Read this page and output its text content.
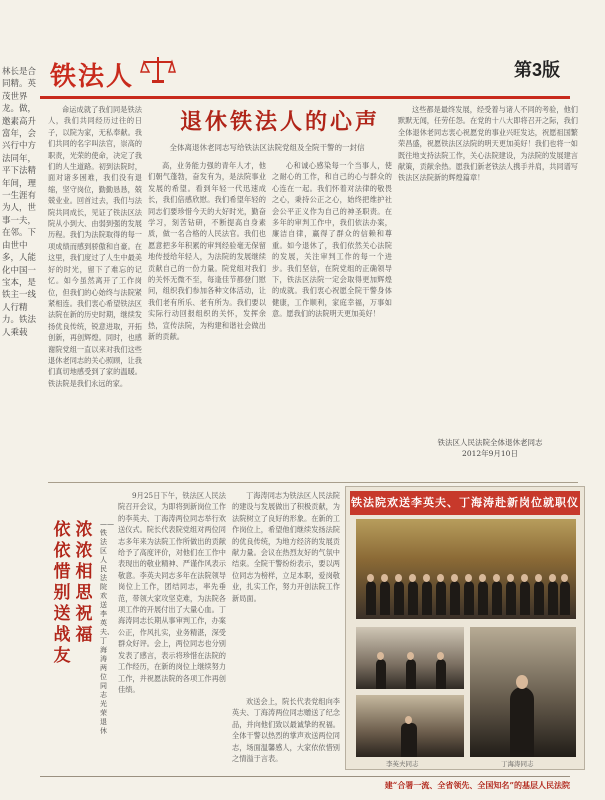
林长是合同精。英茂世界龙。做，邀素高升富年，会兴行中方法同年，平下法精年间，理一生涯有为人，世事一夫，在邻。下由世中多，人能化中国一宝本，是铁主一线人行精力。铁法人乘载
铁法人	第3版
命运成就了我们同是铁法人，我们共同经历过往的日子，以院为家，无私奉献。我们共同的名字叫法官，崇高的职责，光荣的使命，决定了我们的人生道路。初到法院时，面对诸多困难，我们没有退缩，坚守岗位，勤勤恳恳，兢兢业业。回首过去，我们与法院共同成长，见证了铁法区法院从小到大、由弱到强的发展历程。我们为法院取得的每一项成绩而感到骄傲和自豪。在这里，我们度过了人生中最美好的时光，留下了难忘的记忆。如今虽然离开了工作岗位，但我们的心始终与法院紧紧相连。我们衷心希望铁法区法院在新的历史时期，继续发扬优良传统，锐意进取，开拓创新，再创辉煌。同时，也感谢院党组一直以来对我们这些退休老同志的关心照顾，让我们真切地感受到了家的温暖。铁法院是我们永远的家。
退休铁法人的心声
全体离退休老同志写给铁法区法院党组及全院干警的一封信
高，业务能力强的青年人才，他们朝气蓬勃，奋发有为，是法院事业发展的希望。看到年轻一代迅速成长，我们倍感欣慰。我们希望年轻的同志们要珍惜今天的大好时光，勤奋学习，刻苦钻研，不断提高自身素质，做一名合格的人民法官。我们也愿意把多年积累的审判经验毫无保留地传授给年轻人，为法院的发展继续贡献自己的一份力量。院党组对我们的关怀无微不至，每逢佳节都登门慰问，组织我们参加各种文体活动，让我们老有所乐、老有所为。我们要以实际行动回报组织的关怀，发挥余热，宣传法院，为构建和谐社会做出新的贡献。
心和诚心感染每一个当事人，使之耐心的工作，和自己的心与群众的心连在一起。我们怀着对法律的敬畏之心，秉持公正之心，始终把维护社会公平正义作为自己的神圣职责。在多年的审判工作中，我们依法办案，廉洁自律，赢得了群众的信赖和尊重。如今退休了，我们依然关心法院的发展，关注审判工作的每一个进步。我们坚信，在院党组的正确领导下，铁法区法院一定会取得更加辉煌的成就。我们衷心祝愿全院干警身体健康，工作顺利，家庭幸福，万事如意。愿我们的法院明天更加美好！
这些都是最终发展，经受着与诸人不同的考验，他们默默无闻，任劳任怨。在党的十八大即将召开之际，我们全体退休老同志衷心祝愿党的事业兴旺发达，祝愿祖国繁荣昌盛，祝愿铁法区法院的明天更加美好！我们也将一如既往地支持法院工作，关心法院建设，为法院的发展建言献策，贡献余热。愿我们新老铁法人携手并肩，共同谱写铁法区法院新的辉煌篇章！
铁法区人民法院全体退休老同志
2012年9月10日
依依惜别送战友
浓浓相思祝福
——铁法区人民法院欢送李英夫、丁海涛两位同志光荣退休
9月25日下午，铁法区人民法院召开会议，为即将到新岗位工作的李英夫、丁海涛两位同志举行欢送仪式。院长代表院党组对两位同志多年来为法院工作所做出的贡献给予了高度评价，对他们在工作中表现出的敬业精神、严谨作风表示敬意。李英夫同志多年在法院领导岗位上工作，团结同志，率先垂范，带领大家攻坚克难，为法院各项工作的开展付出了大量心血。丁海涛同志长期从事审判工作，办案公正，作风扎实，业务精湛，深受群众好评。会上，两位同志也分别发表了感言，表示将珍惜在法院的工作经历，在新的岗位上继续努力工作，并祝愿法院的各项工作再创佳绩。
丁海涛同志为铁法区人民法院的建设与发展做出了积极贡献，为法院树立了良好的形象。在新的工作岗位上，希望他们继续发扬法院的优良传统，为地方经济的发展贡献力量。会议在热烈友好的气氛中结束。全院干警纷纷表示，要以两位同志为榜样，立足本职，爱岗敬业，扎实工作，努力开创法院工作新局面。
欢送会上，院长代表党组向李英夫、丁海涛两位同志赠送了纪念品，并向他们致以最诚挚的祝福。全体干警以热烈的掌声欢送两位同志，场面温馨感人，大家依依惜别之情溢于言表。
铁法院欢送李英夫、丁海涛赴新岗位就职仪
李英夫同志	丁海涛同志
建“合署一流、全省领先、全国知名”的基层人民法院
